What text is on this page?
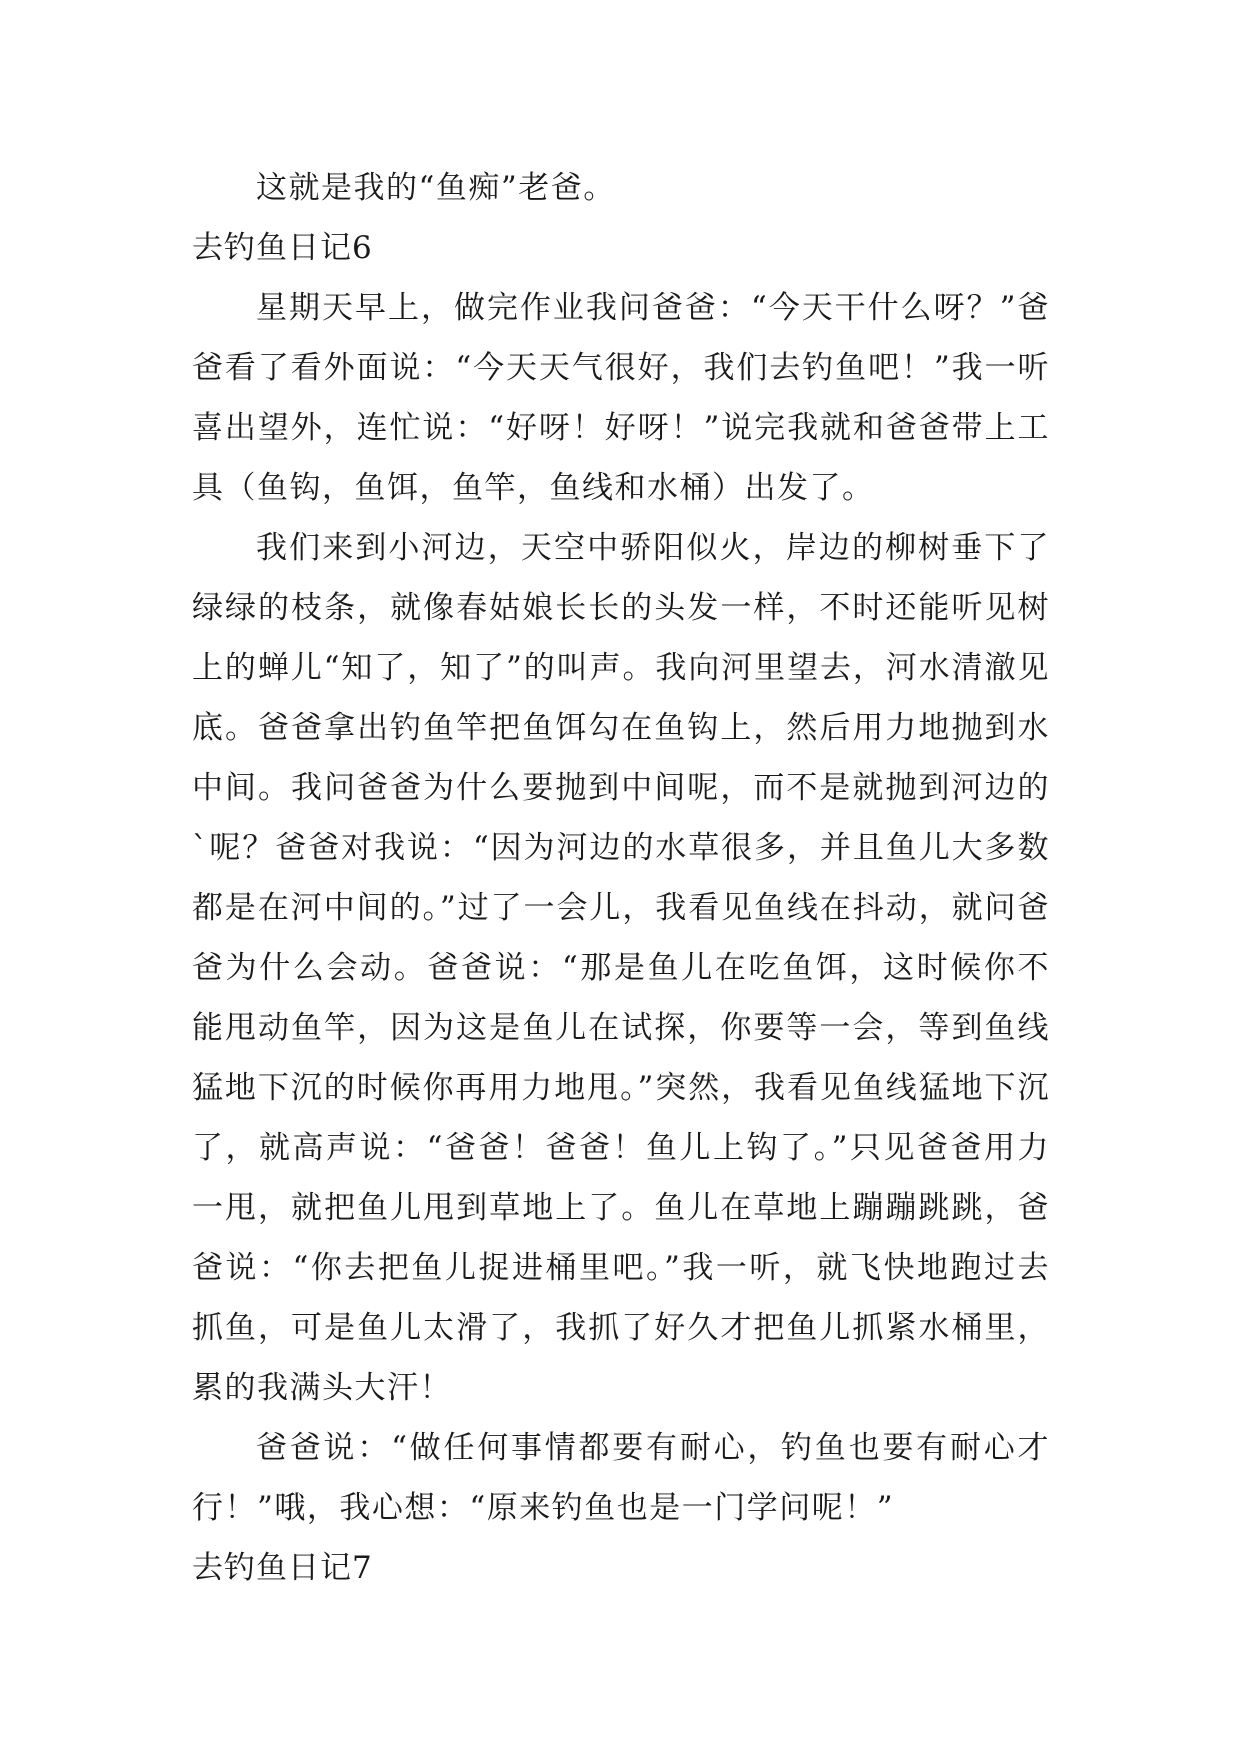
这就是我的“鱼痴”老爸。

去钓鱼日记6

星期天早上，做完作业我问爸爸：“今天干什么呀？”爸爸看了看外面说：“今天天气很好，我们去钓鱼吧！”我一听喜出望外，连忙说：“好呀！好呀！”说完我就和爸爸带上工具（鱼钩，鱼饵，鱼竿，鱼线和水桶）出发了。

我们来到小河边，天空中骄阳似火，岸边的柳树垂下了绿绿的枝条，就像春姑娘长长的头发一样，不时还能听见树上的蝉儿“知了，知了”的叫声。我向河里望去，河水清澈见底。爸爸拿出钓鱼竿把鱼饵勾在鱼钩上，然后用力地抛到水中间。我问爸爸为什么要抛到中间呢，而不是就抛到河边的`呢？爸爸对我说：“因为河边的水草很多，并且鱼儿大多数都是在河中间的。”过了一会儿，我看见鱼线在抖动，就问爸爸为什么会动。爸爸说：“那是鱼儿在吃鱼饵，这时候你不能甩动鱼竿，因为这是鱼儿在试探，你要等一会，等到鱼线猛地下沉的时候你再用力地甩。”突然，我看见鱼线猛地下沉了，就高声说：“爸爸！爸爸！鱼儿上钩了。”只见爸爸用力一甩，就把鱼儿甩到草地上了。鱼儿在草地上蹦蹦跳跳，爸爸说：“你去把鱼儿捉进桶里吧。”我一听，就飞快地跑过去抓鱼，可是鱼儿太滑了，我抓了好久才把鱼儿抓紧水桶里，累的我满头大汗！

爸爸说：“做任何事情都要有耐心，钓鱼也要有耐心才行！”哦，我心想：“原来钓鱼也是一门学问呢！”

去钓鱼日记7
